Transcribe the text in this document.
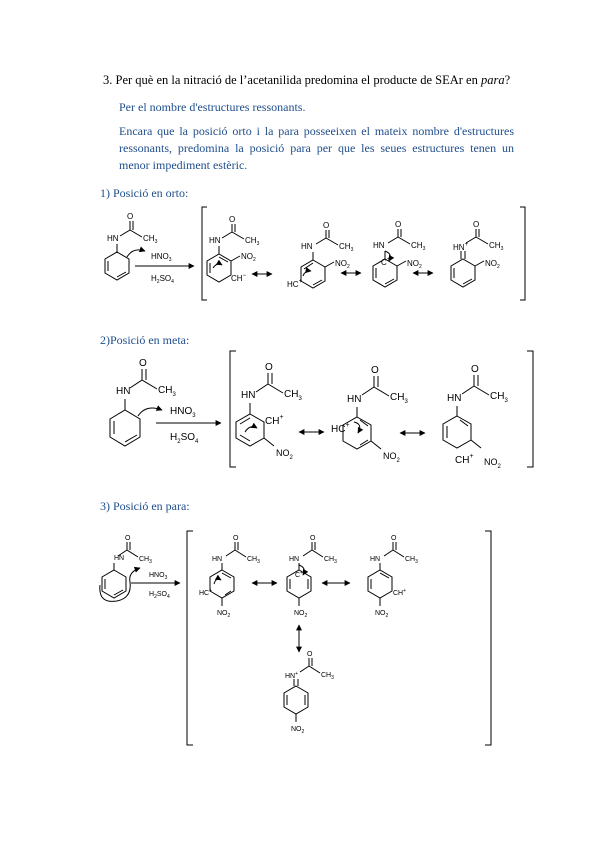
3. Per què en la nitració de l’acetanilida predomina el producte de SEAr en para?
Per el nombre d'estructures ressonants.
Encara que la posició orto i la para posseeixen el mateix nombre d'estructures ressonants, predomina la posició para per que les seues estructures tenen un menor impediment estèric.
1) Posició en orto:
2)Posició en meta:
3) Posició en para:
HN
O
$CH_3$
$HNO_3$
$H_2SO_4$
HN
O
$CH_3$
$NO_2$
CH−
HN
O
$CH_3$
$NO_2$
HC+
HN
O
$CH_3$
$NO_2$
C+
HN+
O
$CH_3$
$NO_2$
HN
O
$CH_3$
$HNO_3$
$H_2SO_4$
HN
O
$CH_3$
CH+
$NO_2$
HN
O
$CH_3$
HC+
$NO_2$
HN
O
$CH_3$
CH+
$NO_2$
HN
O
$CH_3$
$HNO_3$
$H_2SO_4$
HN
O
$CH_3$
HC+
$NO_2$
HN
O
$CH_3$
C+
$NO_2$
HN
O
$CH_3$
CH+
$NO_2$
HN+
O
$CH_3$
$NO_2$
